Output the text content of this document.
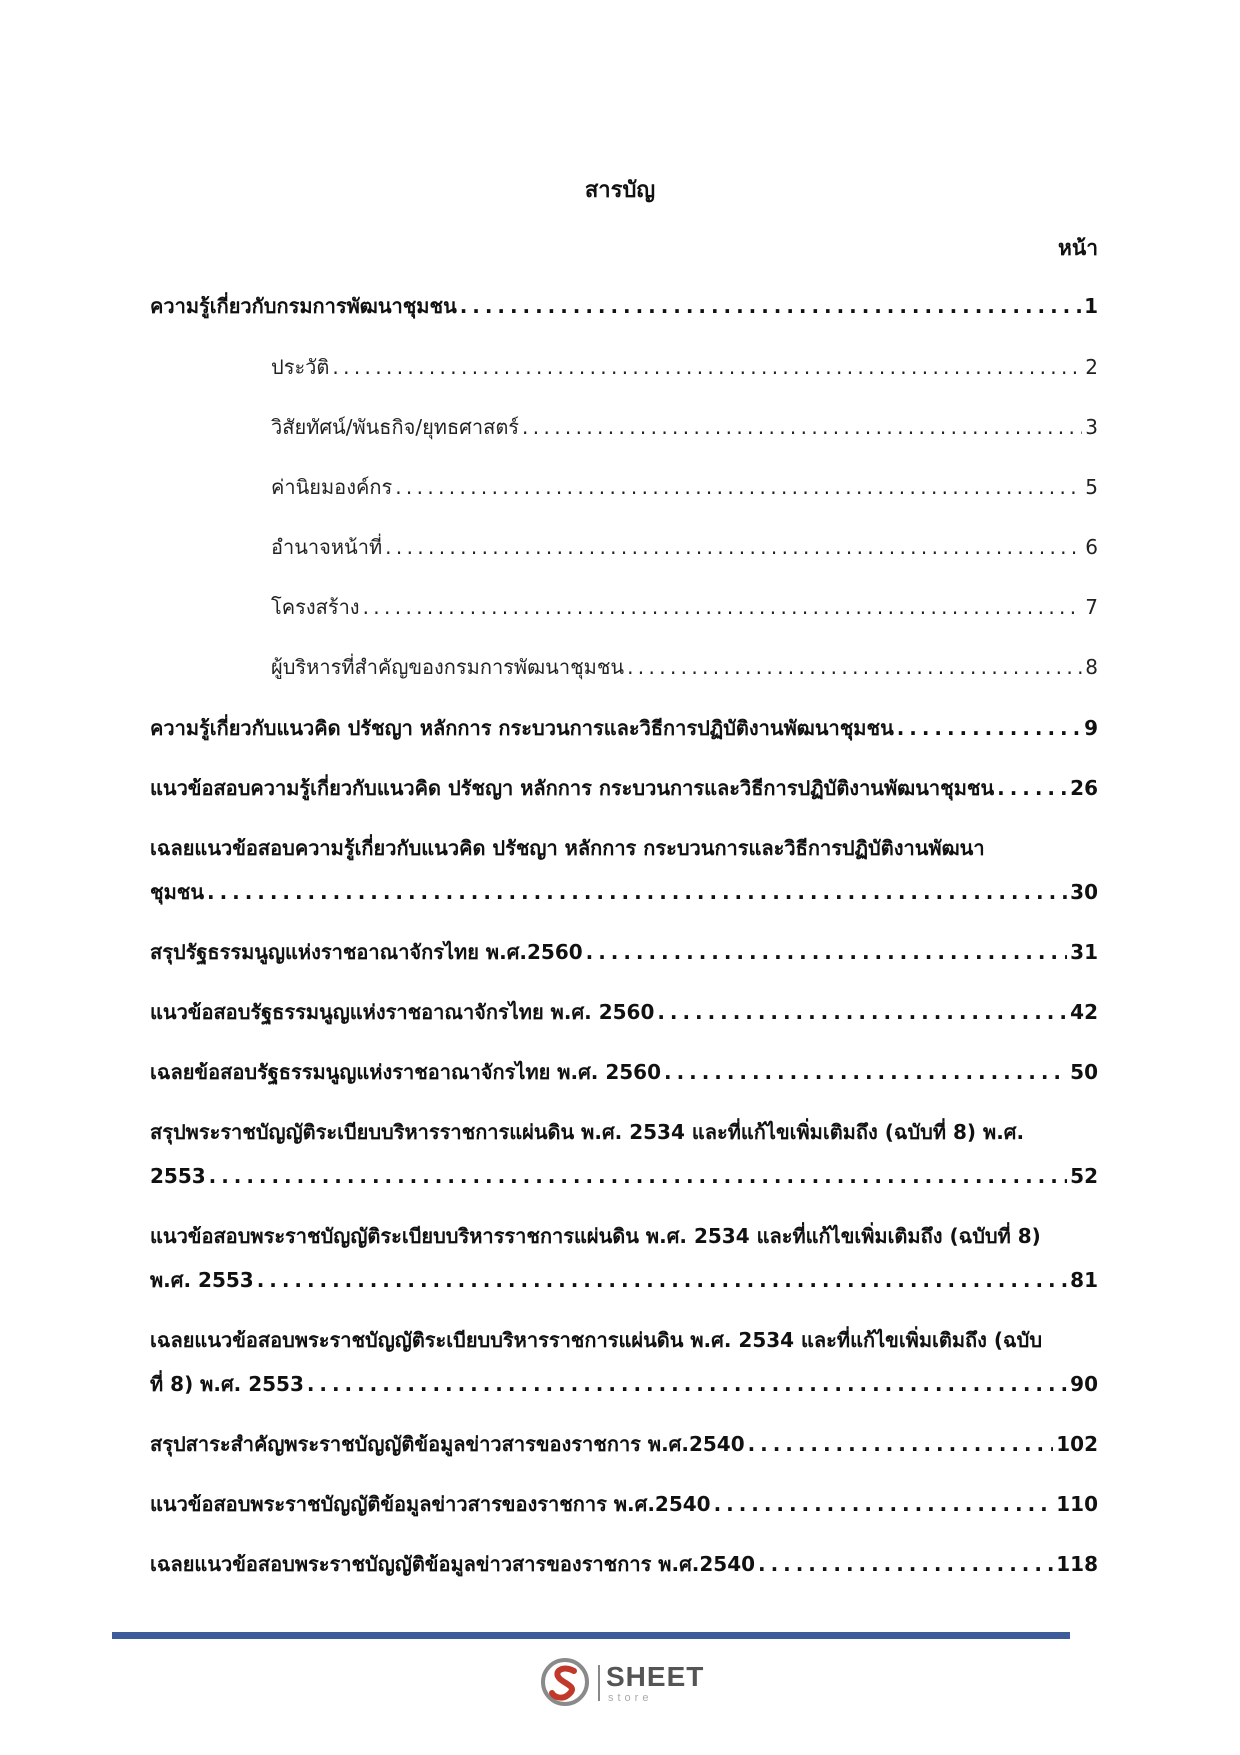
สารบัญ
หน้า
ความรู้เกี่ยวกับกรมการพัฒนาชุมชน . . .	1
ประวัติ . . .	2
วิสัยทัศน์/พันธกิจ/ยุทธศาสตร์ . . .	3
ค่านิยมองค์กร . . .	5
อำนาจหน้าที่ . . .	6
โครงสร้าง . . .	7
ผู้บริหารที่สำคัญของกรมการพัฒนาชุมชน . . .	8
ความรู้เกี่ยวกับแนวคิด ปรัชญา หลักการ กระบวนการและวิธีการปฏิบัติงานพัฒนาชุมชน . . .	9
แนวข้อสอบความรู้เกี่ยวกับแนวคิด ปรัชญา หลักการ กระบวนการและวิธีการปฏิบัติงานพัฒนาชุมชน . . .	26
เฉลยแนวข้อสอบความรู้เกี่ยวกับแนวคิด ปรัชญา หลักการ กระบวนการและวิธีการปฏิบัติงานพัฒนา
ชุมชน . . .	30
สรุปรัฐธรรมนูญแห่งราชอาณาจักรไทย พ.ศ.2560 . . .	31
แนวข้อสอบรัฐธรรมนูญแห่งราชอาณาจักรไทย พ.ศ. 2560 . . .	42
เฉลยข้อสอบรัฐธรรมนูญแห่งราชอาณาจักรไทย พ.ศ. 2560 . . .	50
สรุปพระราชบัญญัติระเบียบบริหารราชการแผ่นดิน พ.ศ. 2534 และที่แก้ไขเพิ่มเติมถึง (ฉบับที่ 8) พ.ศ.
2553 . . .	52
แนวข้อสอบพระราชบัญญัติระเบียบบริหารราชการแผ่นดิน พ.ศ. 2534 และที่แก้ไขเพิ่มเติมถึง (ฉบับที่ 8)
พ.ศ. 2553 . . .	81
เฉลยแนวข้อสอบพระราชบัญญัติระเบียบบริหารราชการแผ่นดิน พ.ศ. 2534 และที่แก้ไขเพิ่มเติมถึง (ฉบับ
ที่ 8) พ.ศ. 2553 . . .	90
สรุปสาระสำคัญพระราชบัญญัติข้อมูลข่าวสารของราชการ พ.ศ.2540 . . .	102
แนวข้อสอบพระราชบัญญัติข้อมูลข่าวสารของราชการ พ.ศ.2540 . . .	110
เฉลยแนวข้อสอบพระราชบัญญัติข้อมูลข่าวสารของราชการ พ.ศ.2540 . . .	118
SHEET
store
